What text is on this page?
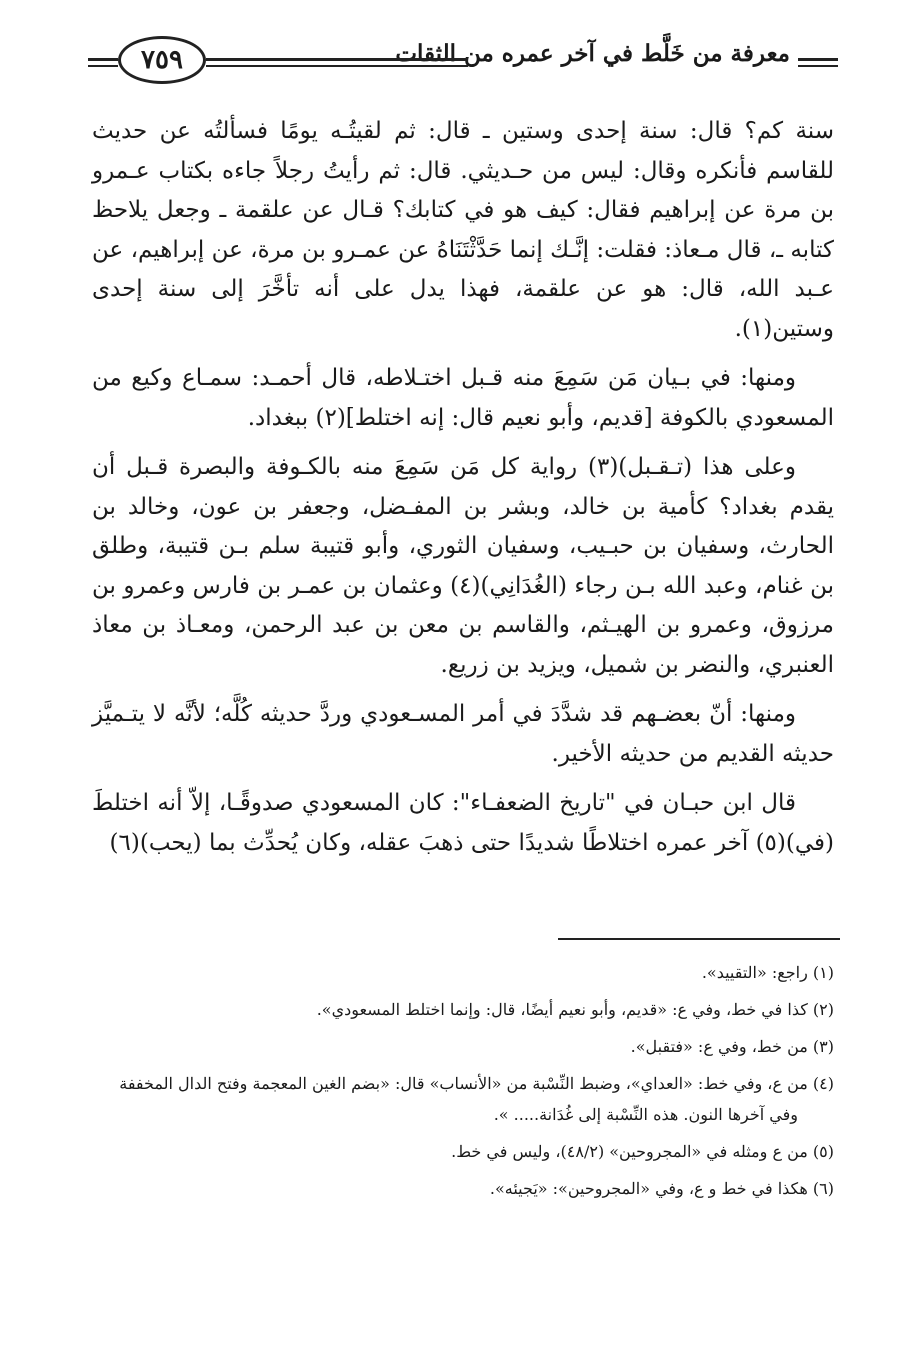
معرفة من خَلَّط في آخر عمره من الثقات
٧٥٩

سنة كم؟ قال: سنة إحدى وستين ـ قال: ثم لقيتُـه يومًا فسألتُه عن حديث للقاسم فأنكره وقال: ليس من حـديثي. قال: ثم رأيتُ رجلاً جاءه بكتاب عـمرو بن مرة عن إبراهيم فقال: كيف هو في كتابك؟ قـال عن علقمة ـ وجعل يلاحظ كتابه ـ، قال مـعاذ: فقلت: إنَّـك إنما حَدَّثْتَنَاهُ عن عمـرو بن مرة، عن إبراهيم، عن عـبد الله، قال: هو عن علقمة، فهذا يدل على أنه تأخَّرَ إلى سنة إحدى وستين(١).

ومنها: في بـيان مَن سَمِعَ منه قـبل اختـلاطه، قال أحمـد: سمـاع وكيع من المسعودي بالكوفة [قديم، وأبو نعيم قال: إنه اختلط](٢) ببغداد.

وعلى هذا (تـقـبل)(٣) رواية كل مَن سَمِعَ منه بالكـوفة والبصرة قـبل أن يقدم بغداد؟ كأمية بن خالد، وبشر بن المفـضل، وجعفر بن عون، وخالد بن الحارث، وسفيان بن حبـيب، وسفيان الثوري، وأبو قتيبة سلم بـن قتيبة، وطلق بن غنام، وعبد الله بـن رجاء (الغُدَانِي)(٤) وعثمان بن عمـر بن فارس وعمرو بن مرزوق، وعمرو بن الهيـثم، والقاسم بن معن بن عبد الرحمن، ومعـاذ بن معاذ العنبري، والنضر بن شميل، ويزيد بن زريع.

ومنها: أنّ بعضـهم قد شدَّدَ في أمر المسـعودي وردَّ حديثه كُلَّه؛ لأنَّه لا يتـميَّز حديثه القديم من حديثه الأخير.

قال ابن حبـان في "تاريخ الضعفـاء": كان المسعودي صدوقًـا، إلاّ أنه اختلطَ (في)(٥) آخر عمره اختلاطًا شديدًا حتى ذهبَ عقله، وكان يُحدِّث بما (يحب)(٦)

(١) راجع: «التقييد».

(٢) كذا في خط، وفي ع: «قديم، وأبو نعيم أيضًا، قال: وإنما اختلط المسعودي».

(٣) من خط، وفي ع: «فتقبل».

(٤) من ع، وفي خط: «العداي»، وضبط النِّسْبة من «الأنساب» قال: «بضم الغين المعجمة وفتح الدال المخففة
وفي آخرها النون. هذه النِّسْبة إلى غُدَانة..... ».

(٥) من ع ومثله في «المجروحين» (٤٨/٢)، وليس في خط.

(٦) هكذا في خط و ع، وفي «المجروحين»: «يَجيئه».
